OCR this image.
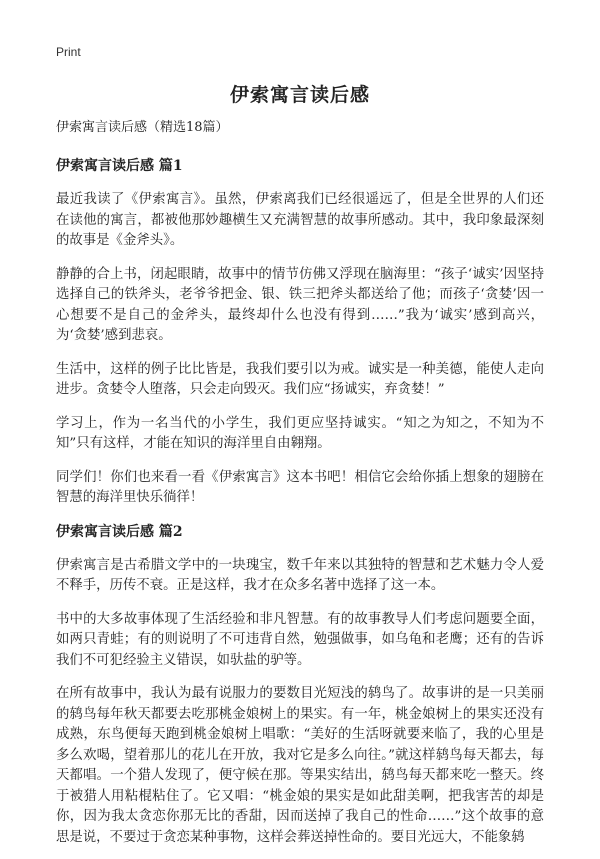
Print
伊索寓言读后感

伊索寓言读后感（精选18篇）

伊索寓言读后感 篇1

最近我读了《伊索寓言》。虽然，伊索离我们已经很遥远了，但是全世界的人们还在读他的寓言，都被他那妙趣横生又充满智慧的故事所感动。其中，我印象最深刻的故事是《金斧头》。

静静的合上书，闭起眼睛，故事中的情节仿佛又浮现在脑海里：“孩子‘诚实’因坚持选择自己的铁斧头，老爷爷把金、银、铁三把斧头都送给了他；而孩子‘贪婪’因一心想要不是自己的金斧头，最终却什么也没有得到……”我为‘诚实’感到高兴，为‘贪婪’感到悲哀。

生活中，这样的例子比比皆是，我我们要引以为戒。诚实是一种美德，能使人走向进步。贪婪令人堕落，只会走向毁灭。我们应“扬诚实，弃贪婪！”

学习上，作为一名当代的小学生，我们更应坚持诚实。“知之为知之，不知为不知”只有这样，才能在知识的海洋里自由翱翔。

同学们！你们也来看一看《伊索寓言》这本书吧！相信它会给你插上想象的翅膀在智慧的海洋里快乐徜徉！

伊索寓言读后感 篇2

伊索寓言是古希腊文学中的一块瑰宝，数千年来以其独特的智慧和艺术魅力令人爱不释手，历传不衰。正是这样，我才在众多名著中选择了这一本。

书中的大多故事体现了生活经验和非凡智慧。有的故事教导人们考虑问题要全面，如两只青蛙；有的则说明了不可违背自然，勉强做事，如乌龟和老鹰；还有的告诉我们不可犯经验主义错误，如驮盐的驴等。

在所有故事中，我认为最有说服力的要数目光短浅的鸫鸟了。故事讲的是一只美丽的鸫鸟每年秋天都要去吃那桃金娘树上的果实。有一年，桃金娘树上的果实还没有成熟，东鸟便每天跑到桃金娘树上唱歌：“美好的生活呀就要来临了，我的心里是多么欢喝，望着那儿的花儿在开放，我对它是多么向往。”就这样鸫鸟每天都去，每天都唱。一个猎人发现了，便守候在那。等果实结出，鸫鸟每天都来吃一整天。终于被猎人用粘棍粘住了。它又唱：“桃金娘的果实是如此甜美啊，把我害苦的却是你，因为我太贪恋你那无比的香甜，因而送掉了我自己的性命……”这个故事的意思是说，不要过于贪恋某种事物，这样会葬送掉性命的。要目光远大，不能象鸫
